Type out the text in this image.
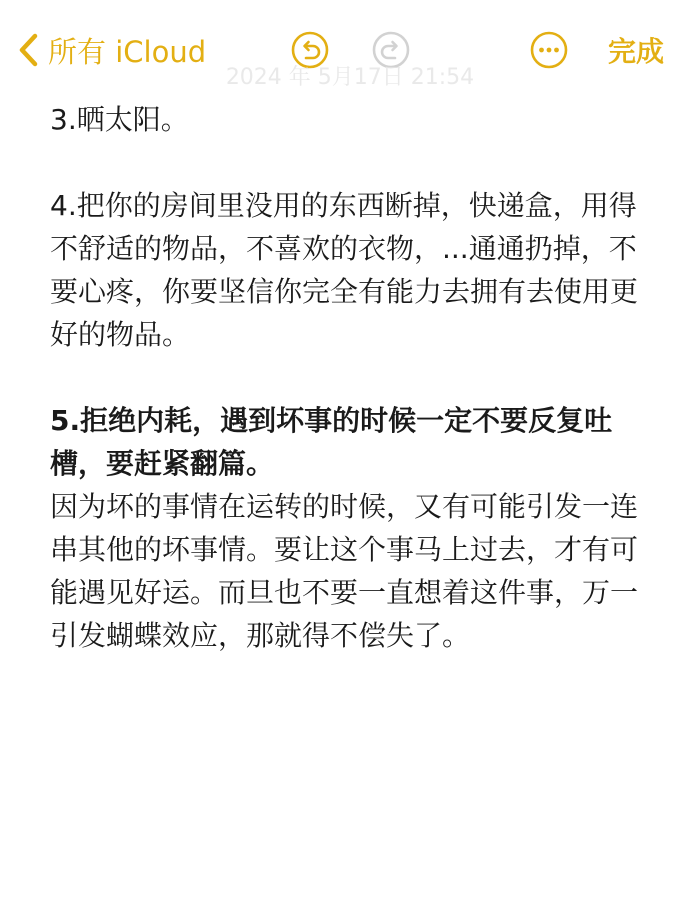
所有 iCloud	完成
2024 年 5月17日 21:54

3.晒太阳。

4.把你的房间里没用的东西断掉，快递盒，用得不舒适的物品，不喜欢的衣物，...通通扔掉，不要心疼，你要坚信你完全有能力去拥有去使用更好的物品。

5.拒绝内耗，遇到坏事的时候一定不要反复吐槽，要赶紧翻篇。

因为坏的事情在运转的时候，又有可能引发一连串其他的坏事情。要让这个事马上过去，才有可能遇见好运。而旦也不要一直想着这件事，万一引发蝴蝶效应，那就得不偿失了。
